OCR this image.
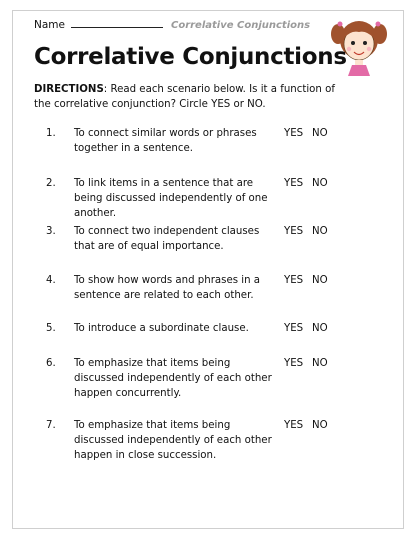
Name	Correlative Conjunctions
Correlative Conjunctions
DIRECTIONS: Read each scenario below. Is it a function of the correlative conjunction? Circle YES or NO.
1.	To connect similar words or phrases together in a sentence.
YES NO
2.	To link items in a sentence that are being discussed independently of one another.
YES NO
3.	To connect two independent clauses that are of equal importance.
YES NO
4.	To show how words and phrases in a sentence are related to each other.
YES NO
5.	To introduce a subordinate clause.	YES NO
6.	To emphasize that items being discussed independently of each other happen concurrently.
YES NO
7.	To emphasize that items being discussed independently of each other happen in close succession.
YES NO
